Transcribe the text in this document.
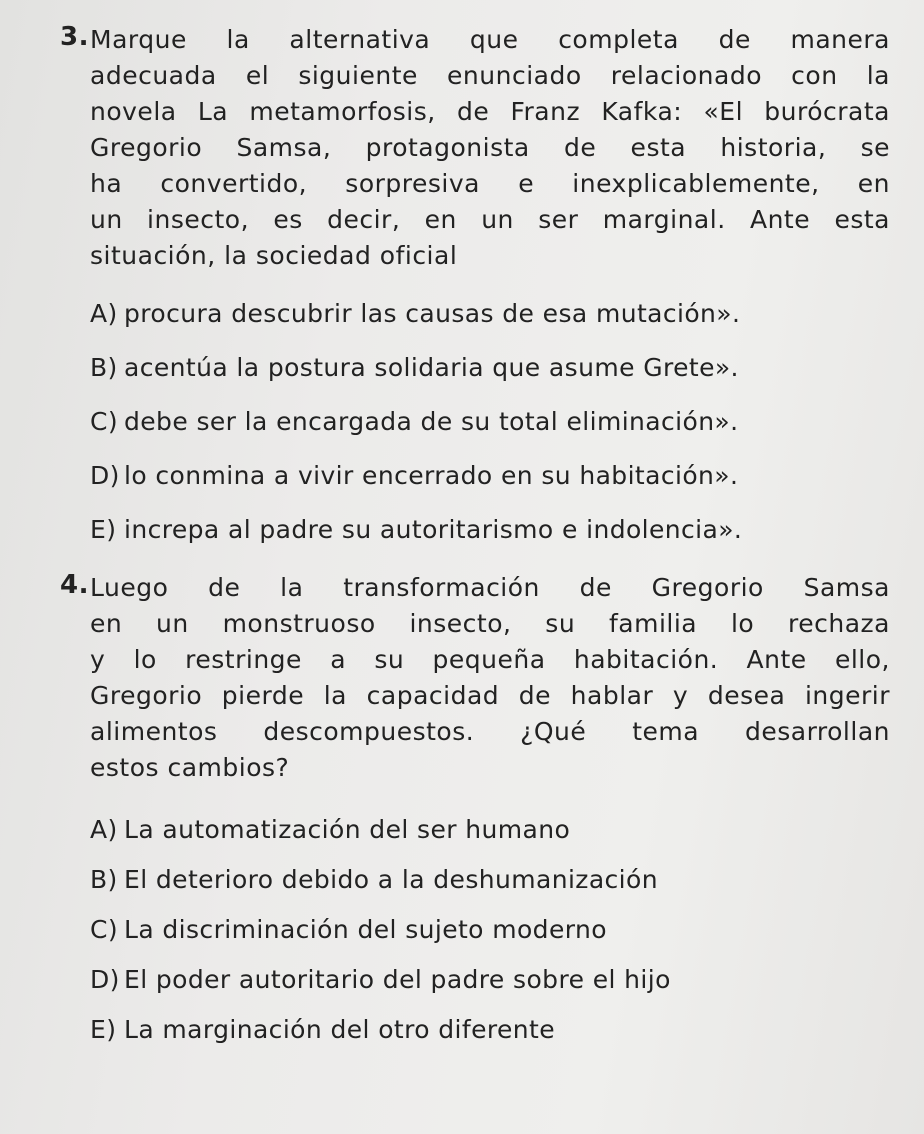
3. Marque la alternativa que completa de manera
adecuada el siguiente enunciado relacionado con la
novela La metamorfosis, de Franz Kafka: «El burócrata
Gregorio Samsa, protagonista de esta historia, se
ha convertido, sorpresiva e inexplicablemente, en
un insecto, es decir, en un ser marginal. Ante esta
situación, la sociedad oficial
A) procura descubrir las causas de esa mutación».
B) acentúa la postura solidaria que asume Grete».
C) debe ser la encargada de su total eliminación».
D) lo conmina a vivir encerrado en su habitación».
E) increpa al padre su autoritarismo e indolencia».
4. Luego de la transformación de Gregorio Samsa
en un monstruoso insecto, su familia lo rechaza
y lo restringe a su pequeña habitación. Ante ello,
Gregorio pierde la capacidad de hablar y desea ingerir
alimentos descompuestos. ¿Qué tema desarrollan
estos cambios?
A) La automatización del ser humano
B) El deterioro debido a la deshumanización
C) La discriminación del sujeto moderno
D) El poder autoritario del padre sobre el hijo
E) La marginación del otro diferente
